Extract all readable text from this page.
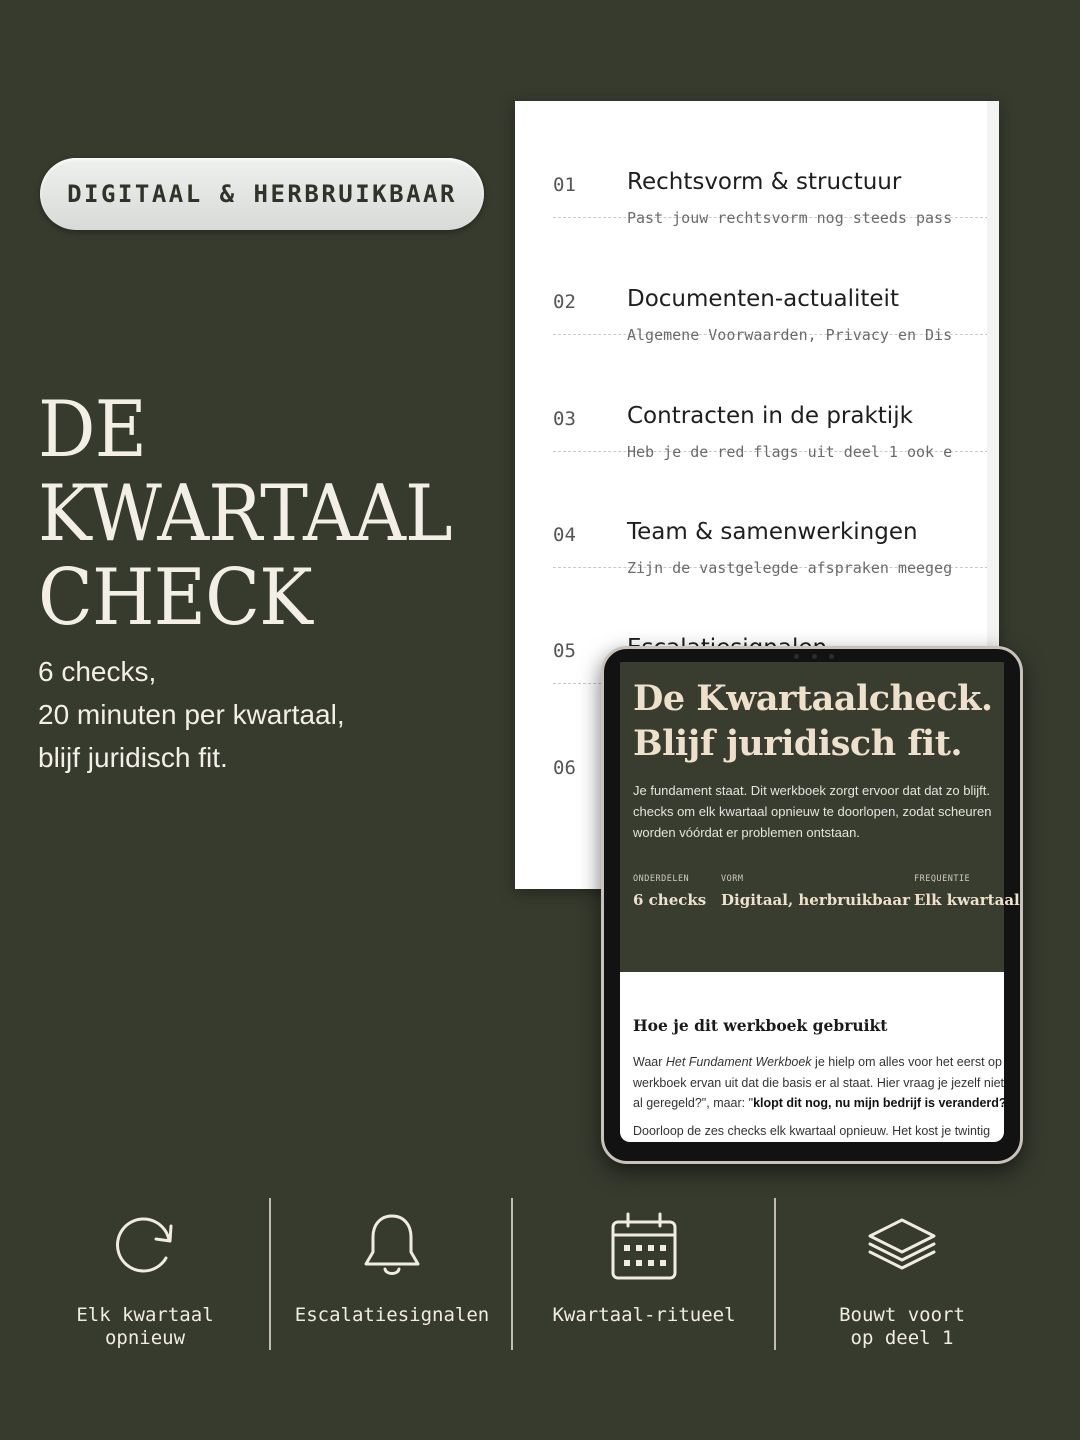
DIGITAAL & HERBRUIKBAAR
DE
KWARTAAL
CHECK
6 checks,
20 minuten per kwartaal,
blijf juridisch fit.
01 Rechtsvorm & structuur
Past jouw rechtsvorm nog steeds pass
02 Documenten-actualiteit
Algemene Voorwaarden, Privacy en Dis
03 Contracten in de praktijk
Heb je de red flags uit deel 1 ook e
04 Team & samenwerkingen
Zijn de vastgelegde afspraken meegeg
05
06
De Kwartaalcheck.
Blijf juridisch fit.
Je fundament staat. Dit werkboek zorgt ervoor dat dat zo blijft.
checks om elk kwartaal opnieuw te doorlopen, zodat scheuren
worden vóórdat er problemen ontstaan.
ONDERDELEN
6 checks
VORM
Digitaal, herbruikbaar
FREQUENTIE
Elk kwartaal
Hoe je dit werkboek gebruikt
Waar Het Fundament Werkboek je hielp om alles voor het eerst op
werkboek ervan uit dat die basis er al staat. Hier vraag je jezelf niet
al geregeld?", maar: "klopt dit nog, nu mijn bedrijf is veranderd?
Doorloop de zes checks elk kwartaal opnieuw. Het kost je twintig
Elk kwartaal
opnieuw
Escalatiesignalen	Kwartaal-ritueel	Bouwt voort
op deel 1
